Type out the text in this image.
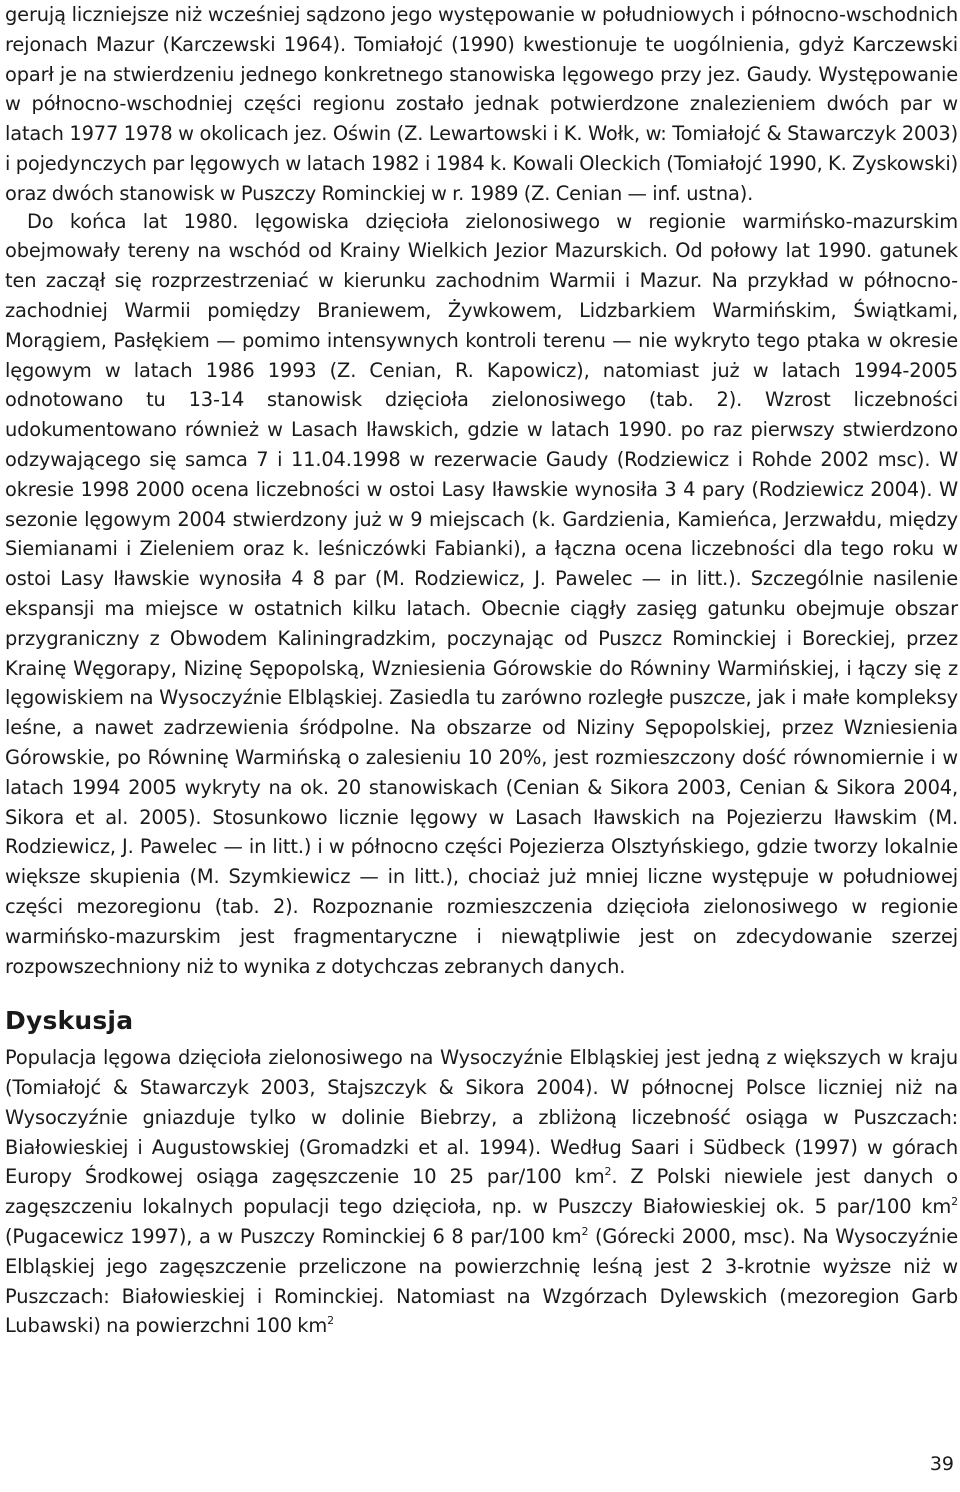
gerują liczniejsze niż wcześniej sądzono jego występowanie w południowych i północno-wschodnich rejonach Mazur (Karczewski 1964). Tomiałojć (1990) kwestionuje te uogólnienia, gdyż Karczewski oparł je na stwierdzeniu jednego konkretnego stanowiska lęgowego przy jez. Gaudy. Występowanie w północno-wschodniej części regionu zostało jednak potwierdzone znalezieniem dwóch par w latach 1977 1978 w okolicach jez. Oświn (Z. Lewartowski i K. Wołk, w: Tomiałojć & Stawarczyk 2003) i pojedynczych par lęgowych w latach 1982 i 1984 k. Kowali Oleckich (Tomiałojć 1990, K. Zyskowski) oraz dwóch stanowisk w Puszczy Rominckiej w r. 1989 (Z. Cenian — inf. ustna).

Do końca lat 1980. lęgowiska dzięcioła zielonosiwego w regionie warmińsko-mazurskim obejmowały tereny na wschód od Krainy Wielkich Jezior Mazurskich. Od połowy lat 1990. gatunek ten zaczął się rozprzestrzeniać w kierunku zachodnim Warmii i Mazur. Na przykład w północno-zachodniej Warmii pomiędzy Braniewem, Żywkowem, Lidzbarkiem Warmińskim, Świątkami, Morągiem, Pasłękiem — pomimo intensywnych kontroli terenu — nie wykryto tego ptaka w okresie lęgowym w latach 1986 1993 (Z. Cenian, R. Kapowicz), natomiast już w latach 1994-2005 odnotowano tu 13-14 stanowisk dzięcioła zielonosiwego (tab. 2). Wzrost liczebności udokumentowano również w Lasach Iławskich, gdzie w latach 1990. po raz pierwszy stwierdzono odzywającego się samca 7 i 11.04.1998 w rezerwacie Gaudy (Rodziewicz i Rohde 2002 msc). W okresie 1998 2000 ocena liczebności w ostoi Lasy Iławskie wynosiła 3 4 pary (Rodziewicz 2004). W sezonie lęgowym 2004 stwierdzony już w 9 miejscach (k. Gardzienia, Kamieńca, Jerzwałdu, między Siemianami i Zieleniem oraz k. leśniczówki Fabianki), a łączna ocena liczebności dla tego roku w ostoi Lasy Iławskie wynosiła 4 8 par (M. Rodziewicz, J. Pawelec — in litt.). Szczególnie nasilenie ekspansji ma miejsce w ostatnich kilku latach. Obecnie ciągły zasięg gatunku obejmuje obszar przygraniczny z Obwodem Kaliningradzkim, poczynając od Puszcz Rominckiej i Boreckiej, przez Krainę Węgorapy, Nizinę Sępopolską, Wzniesienia Górowskie do Równiny Warmińskiej, i łączy się z lęgowiskiem na Wysoczyźnie Elbląskiej. Zasiedla tu zarówno rozległe puszcze, jak i małe kompleksy leśne, a nawet zadrzewienia śródpolne. Na obszarze od Niziny Sępopolskiej, przez Wzniesienia Górowskie, po Równinę Warmińską o zalesieniu 10 20%, jest rozmieszczony dość równomiernie i w latach 1994 2005 wykryty na ok. 20 stanowiskach (Cenian & Sikora 2003, Cenian & Sikora 2004, Sikora et al. 2005). Stosunkowo licznie lęgowy w Lasach Iławskich na Pojezierzu Iławskim (M. Rodziewicz, J. Pawelec — in litt.) i w północno części Pojezierza Olsztyńskiego, gdzie tworzy lokalnie większe skupienia (M. Szymkiewicz — in litt.), chociaż już mniej liczne występuje w południowej części mezoregionu (tab. 2). Rozpoznanie rozmieszczenia dzięcioła zielonosiwego w regionie warmińsko-mazurskim jest fragmentaryczne i niewątpliwie jest on zdecydowanie szerzej rozpowszechniony niż to wynika z dotychczas zebranych danych.

Dyskusja

Populacja lęgowa dzięcioła zielonosiwego na Wysoczyźnie Elbląskiej jest jedną z większych w kraju (Tomiałojć & Stawarczyk 2003, Stajszczyk & Sikora 2004). W północnej Polsce liczniej niż na Wysoczyźnie gniazduje tylko w dolinie Biebrzy, a zbliżoną liczebność osiąga w Puszczach: Białowieskiej i Augustowskiej (Gromadzki et al. 1994). Według Saari i Südbeck (1997) w górach Europy Środkowej osiąga zagęszczenie 10 25 par/100 $km^2$. Z Polski niewiele jest danych o zagęszczeniu lokalnych populacji tego dzięcioła, np. w Puszczy Białowieskiej ok. 5 par/100 $km^2$ (Pugacewicz 1997), a w Puszczy Rominckiej 6 8 par/100 $km^2$ (Górecki 2000, msc). Na Wysoczyźnie Elbląskiej jego zagęszczenie przeliczone na powierzchnię leśną jest 2 3-krotnie wyższe niż w Puszczach: Białowieskiej i Rominckiej. Natomiast na Wzgórzach Dylewskich (mezoregion Garb Lubawski) na powierzchni 100 $km^2$

39
